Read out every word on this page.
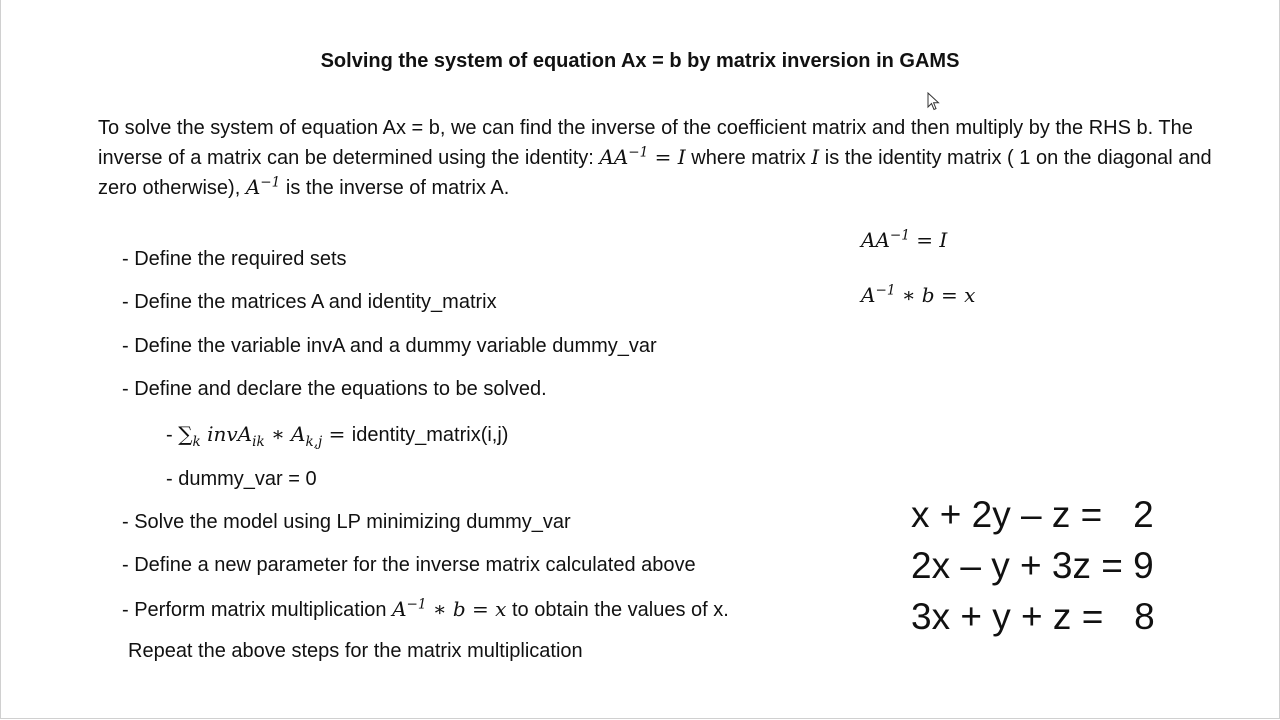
Solving the system of equation Ax = b by matrix inversion in GAMS
To solve the system of equation Ax = b, we can find the inverse of the coefficient matrix and then multiply by the RHS b. The inverse of a matrix can be determined using the identity: $AA^{-1} = I$ where matrix I is the identity matrix ( 1 on the diagonal and zero otherwise), $A^{-1}$ is the inverse of matrix A.
- Define the required sets
- Define the matrices A and identity_matrix
- Define the variable invA and a dummy variable dummy_var
- Define and declare the equations to be solved.
- $\sum_k$ invA$_{ik}$ ∗ $A_{k,j}$ = identity_matrix(i,j)
- dummy_var = 0
- Solve the model using LP minimizing dummy_var
- Define a new parameter for the inverse matrix calculated above
- Perform matrix multiplication $A^{-1}$ ∗ b = x to obtain the values of x.
Repeat the above steps for the matrix multiplication
$AA^{-1} = I$
$A^{-1}$ ∗ b = x
x + 2y – z =   2
2x – y + 3z = 9
3x + y + z =   8
